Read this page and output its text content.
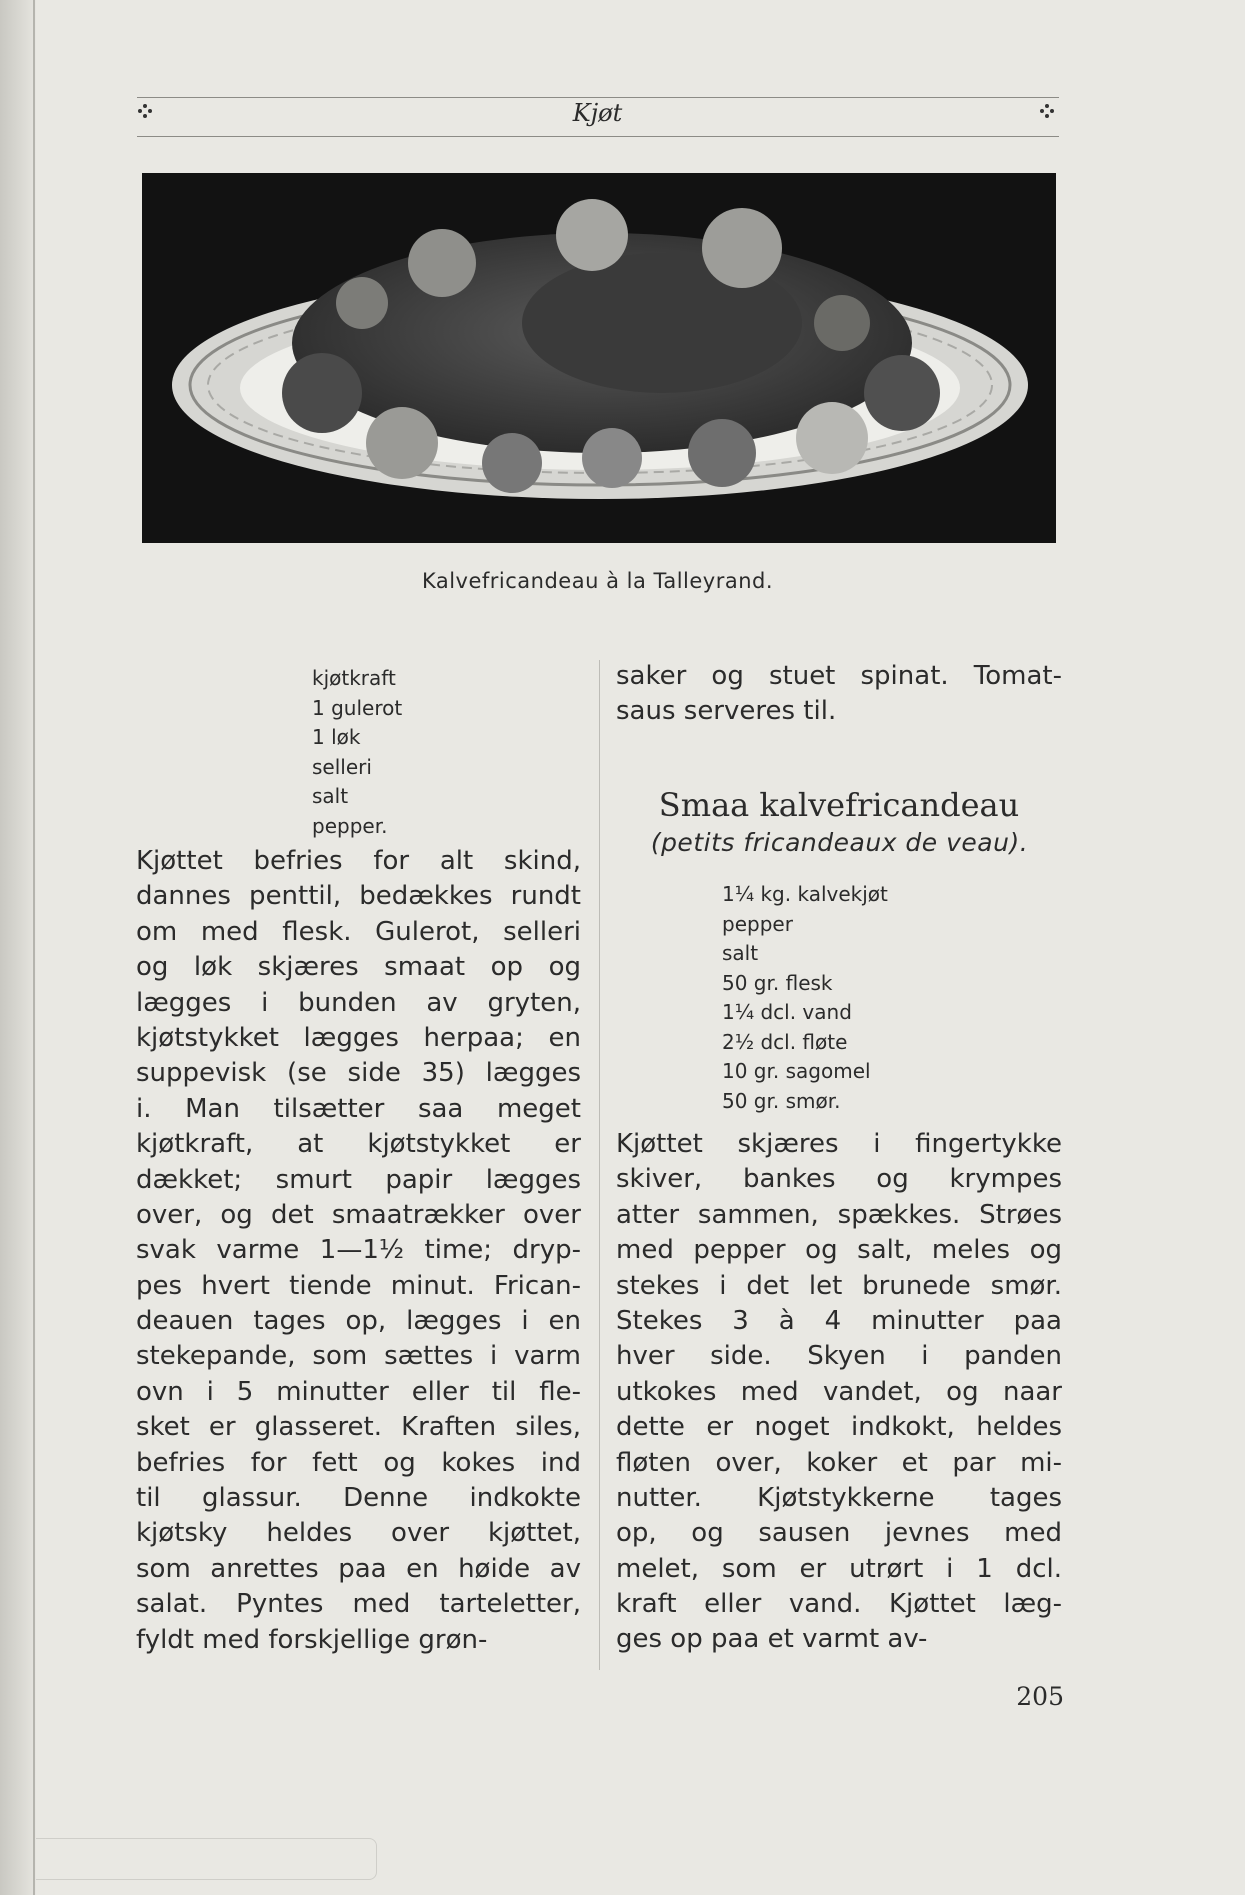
Kjøt
Kalvefricandeau à la Talleyrand.
kjøtkraft
1 gulerot
1 løk
selleri
salt
pepper.
Kjøttet befries for alt skind,
dannes penttil, bedækkes rundt
om med flesk. Gulerot, selleri
og løk skjæres smaat op og
lægges i bunden av gryten,
kjøtstykket lægges herpaa; en
suppevisk (se side 35) lægges
i. Man tilsætter saa meget
kjøtkraft, at kjøtstykket er
dækket; smurt papir lægges
over, og det smaatrækker over
svak varme 1—1½ time; dryp-
pes hvert tiende minut. Frican-
deauen tages op, lægges i en
stekepande, som sættes i varm
ovn i 5 minutter eller til fle-
sket er glasseret. Kraften siles,
befries for fett og kokes ind
til glassur. Denne indkokte
kjøtsky heldes over kjøttet,
som anrettes paa en høide av
salat. Pyntes med tarteletter,
fyldt med forskjellige grøn-
saker og stuet spinat. Tomat-
saus serveres til.
Smaa kalvefricandeau
(petits fricandeaux de veau).
1¼ kg. kalvekjøt
pepper
salt
50 gr. flesk
1¼ dcl. vand
2½ dcl. fløte
10 gr. sagomel
50 gr. smør.
Kjøttet skjæres i fingertykke
skiver, bankes og krympes
atter sammen, spækkes. Strøes
med pepper og salt, meles og
stekes i det let brunede smør.
Stekes 3 à 4 minutter paa
hver side. Skyen i panden
utkokes med vandet, og naar
dette er noget indkokt, heldes
fløten over, koker et par mi-
nutter. Kjøtstykkerne tages
op, og sausen jevnes med
melet, som er utrørt i 1 dcl.
kraft eller vand. Kjøttet læg-
ges op paa et varmt av-
205
